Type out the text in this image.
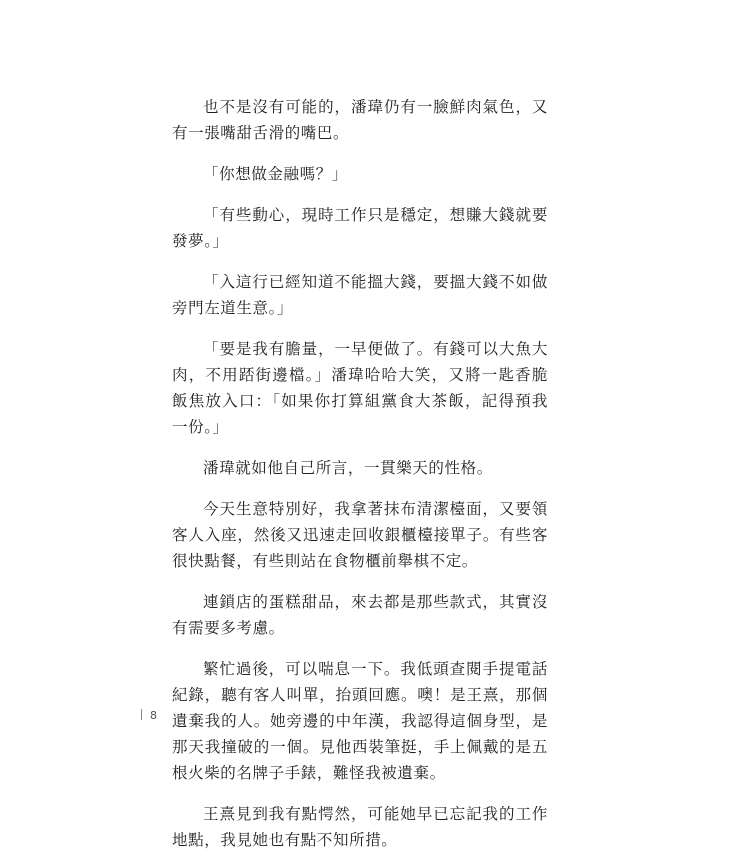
也不是沒有可能的，潘瑋仍有一臉鮮肉氣色，又有一張嘴甜舌滑的嘴巴。

「你想做金融嗎？」

「有些動心，現時工作只是穩定，想賺大錢就要發夢。」

「入這行已經知道不能搵大錢，要搵大錢不如做旁門左道生意。」

「要是我有膽量，一早便做了。有錢可以大魚大肉，不用踎街邊檔。」潘瑋哈哈大笑，又將一匙香脆飯焦放入口：「如果你打算組黨食大茶飯，記得預我一份。」

潘瑋就如他自己所言，一貫樂天的性格。

今天生意特別好，我拿著抹布清潔檯面，又要領客人入座，然後又迅速走回收銀櫃檯接單子。有些客很快點餐，有些則站在食物櫃前舉棋不定。

連鎖店的蛋糕甜品，來去都是那些款式，其實沒有需要多考慮。

繁忙過後，可以喘息一下。我低頭查閱手提電話紀錄，聽有客人叫單，抬頭回應。噢！是王熹，那個遺棄我的人。她旁邊的中年漢，我認得這個身型，是那天我撞破的一個。見他西裝筆挺，手上佩戴的是五根火柴的名牌子手錶，難怪我被遺棄。

王熹見到我有點愕然，可能她早已忘記我的工作地點，我見她也有點不知所措。

8
